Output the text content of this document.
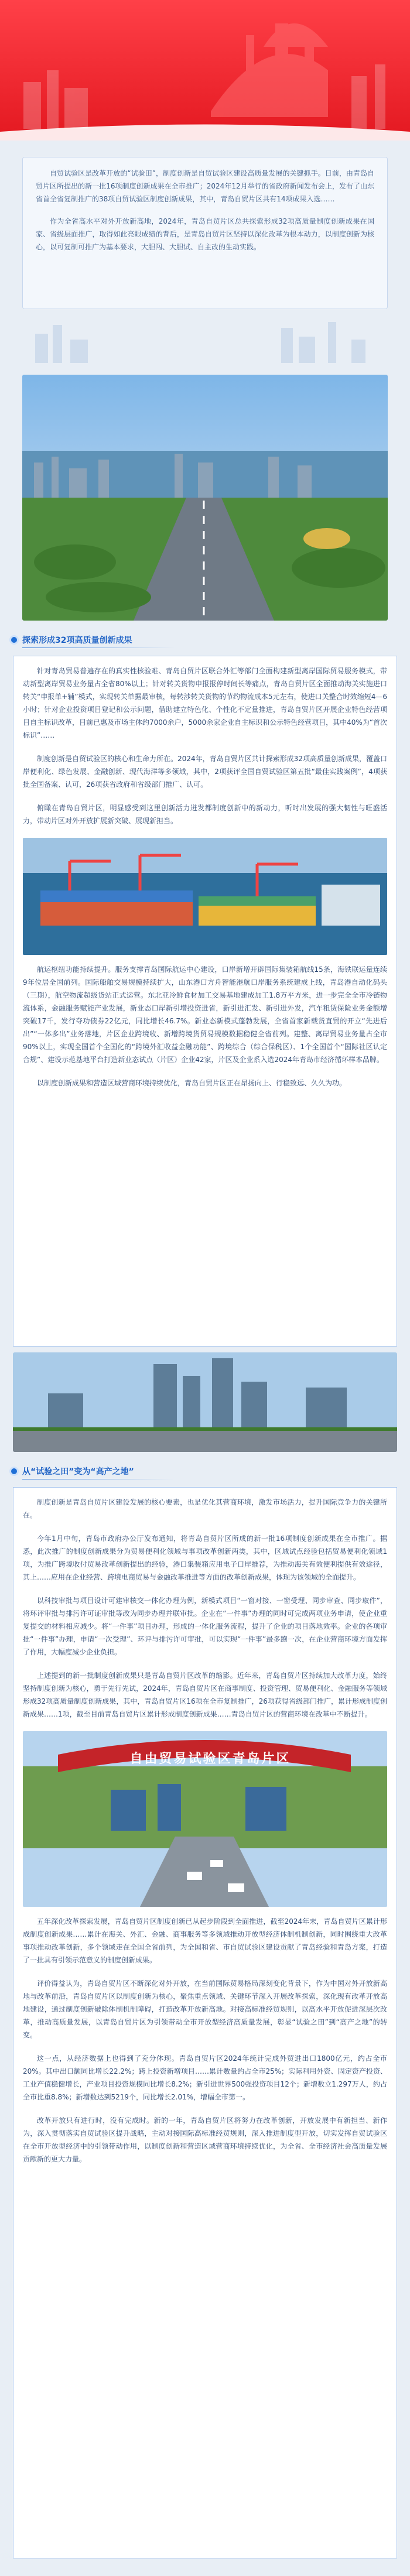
自贸试验区是改革开放的“试验田”，制度创新是自贸试验区建设高质量发展的关键抓手。日前，由青岛自贸片区所提出的新一批16项制度创新成果在全市推广；2024年12月举行的省政府新闻发布会上，发布了山东省首全省复制推广的38项自贸试验区制度创新成果，其中，青岛自贸片区共有14项成果入选……

作为全省高水平对外开放新高地，2024年，青岛自贸片区总共探索形成32项高质量制度创新成果在国家、省级层面推广，取得如此亮眼成绩的背后，是青岛自贸片区坚持以深化改革为根本动力，以制度创新为核心，以可复制可推广为基本要求，大胆闯、大胆试、自主改的生动实践。

探索形成32项高质量创新成果

针对青岛贸易普遍存在的真实性核验难、青岛自贸片区联合外汇等部门全面构建新型离岸国际贸易服务模式，带动新型离岸贸易业务量占全省80%以上；针对转关货物申报报停时间长等痛点，青岛自贸片区全面推动海关实施进口转关“申报单+辅”模式，实现转关单据最审核，每转涉转关货物的节约物流成本5元左右，使进口关整合时效缩短4—6小时；针对企业投资项目登记和公示问题，借助建立特色化、个性化不定量推进，青岛自贸片区开展企业特色经营项目自主标识改革，目前已惠及市场主体约7000余户，5000余家企业自主标识和公示特色经营项目，其中40%为“首次标识”……

制度创新是自贸试验区的核心和生命力所在。2024年，青岛自贸片区共计探索形成32项高质量创新成果，覆盖口岸便利化、绿色发展、金融创新、现代海洋等多领域，其中，2项获评全国自贸试验区第五批“最佳实践案例”，4项获批全国备案、认可，26项获省政府和省级部门推广、认可。

俯瞰在青岛自贸片区，明显感受到这里创新活力迸发都制度创新中的新动力，听时出发展的强大韧性与旺盛活力，带动片区对外开放扩展新突破、展现新担当。

航运枢纽功能持续提升。服务支撑青岛国际航运中心建设，口岸新增开辟国际集装箱航线15条，海铁联运量连续9年位居全国前列。国际船舶交易规模持续扩大，山东港口方舟智能港航口岸服务系统建成上线，青岛港自动化码头（三期），航空物流超级货站正式运营。东北亚冷鲜食材加工交易基地建成加工1.8万平方米，进一步完全全市冷链物流体系，金融服务赋能产业发展，新业态口岸新引增投资进省，新引进汇发、新引进外发，汽车租赁保险业务金额增突破17千，发行夺功债券22亿元，同比增长46.7%。新业态新模式蓬勃发展，全省首家新载货直贸的开立“先进后出”“一体多出”业务落地，片区企业跨境收、新增跨境货贸易规模数据稳健全省前列。建整、离岸贸易业务量占全市90%以上，实现全国首个全国化的“跨境外汇收益金融功能”、跨境综合（综合保税区）、1个全国首个“国际社区认定合规”、建设示范基地平台打造新业态试点（片区）企业42家，片区及企业系入选2024年青岛市经济循环样本品牌。

以制度创新成果和营造区域营商环境持续优化，青岛自贸片区正在昂扬向上、行稳致远、久久为功。

从“试验之田”变为“高产之地”

制度创新是青岛自贸片区建设发展的核心要素，也是优化其营商环境，激发市场活力，提升国际竞争力的关键所在。

今年1月中旬，青岛市政府办公厅发布通知，将青岛自贸片区所成的新一批16项制度创新成果在全市推广。据悉，此次推广的制度创新成果分为贸易便利化领域与事项改革创新两类，其中，区域试点经验包括贸易便利化领域1项，为推广跨境收付贸易改革创新提出的经验，港口集装箱应用电子口岸推荐，为推动海关有效便利提供有效途径，其上……应用在企业经营、跨境电商贸易与金融改革推进等方面的改革创新成果，体现为该领域的全面提升。

以科技审批与项目设计可建审核交一体化办理为例，新模式项目“一窗对接、一窗受理、同步审查、同步取件”，将环评审批与排污许可证审批等改为同步办理并联审批。企业在“一件事”办理的同时可完成两项业务申请，使企业重复提交的材料相应减少。将“一件事”项目办理，形成的一体化服务流程，提升了企业的项目落地效率。企业的各项审批“一件事”办理，申请“一次受理”、环评与排污许可审批，可以实现“一件事”最多跑一次，在企业营商环境方面发挥了作用，大幅度减少企业负担。

上述提到的新一批制度创新成果只是青岛自贸片区改革的缩影。近年来，青岛自贸片区持续加大改革力度，始终坚持制度创新为核心，勇于先行先试，2024年，青岛自贸片区在商事制度、投资管理、贸易便利化、金融服务等领域形成32项高质量制度创新成果，其中，青岛自贸片区16项在全市复制推广，26项获得省级部门推广，累计形成制度创新成果……1项，截至目前青岛自贸片区累计形成制度创新成果……青岛自贸片区的营商环境在改革中不断提升。

自由贸易试验区青岛片区

五年深化改革探索发展，青岛自贸片区制度创新已从起步阶段到全面推进，截至2024年末，青岛自贸片区累计形成制度创新成果……累计在海关、外汇、金融、商事服务等多领域推动开放型经济体制机制创新，同时围绕重大改革事项推动改革创新，多个领域走在全国全省前列，为全国和省、市自贸试验区建设贡献了青岛经验和青岛方案，打造了一批具有引领示范意义的制度创新成果。

评价得益认为，青岛自贸片区不断深化对外开放，在当前国际贸易格局深刻变化背景下，作为中国对外开放新高地与改革前沿，青岛自贸片区以制度创新为核心，聚焦重点领域、关键环节深入开展改革探索，深化现有改革开放高地建设，通过制度创新破除体制机制障碍，打造改革开放新高地。对接高标准经贸规则，以高水平开放促进深层次改革，推动高质量发展，以青岛自贸片区为引领带动全市开放型经济高质量发展，彰显“试验之田”到“高产之地”的转变。

这一点，从经济数据上也得到了充分体现。青岛自贸片区2024年统计完成外贸进出口1800亿元，约占全市20%。其中出口额同比增长22.2%；跨上投资新增项目……累计数量约占全市25%；实际利用外资、固定资产投资、工业产值稳健增长，产业项目投资规模同比增长8.2%；新引进世界500强投资项目12个；新增数立1.297万人，约占全市比重8.8%；新增数达到5219个，同比增长2.01%，增幅全市第一。

改革开放只有进行时，没有完成时。新的一年，青岛自贸片区将努力在改革创新，开放发展中有新担当、新作为，深入贯彻落实自贸试验区提升战略，主动对接国际高标准经贸规则，深入推进制度型开放，切实发挥自贸试验区在全市开放型经济中的引领带动作用，以制度创新和营造区域营商环境持续优化，为全省、全市经济社会高质量发展贡献新的更大力量。
